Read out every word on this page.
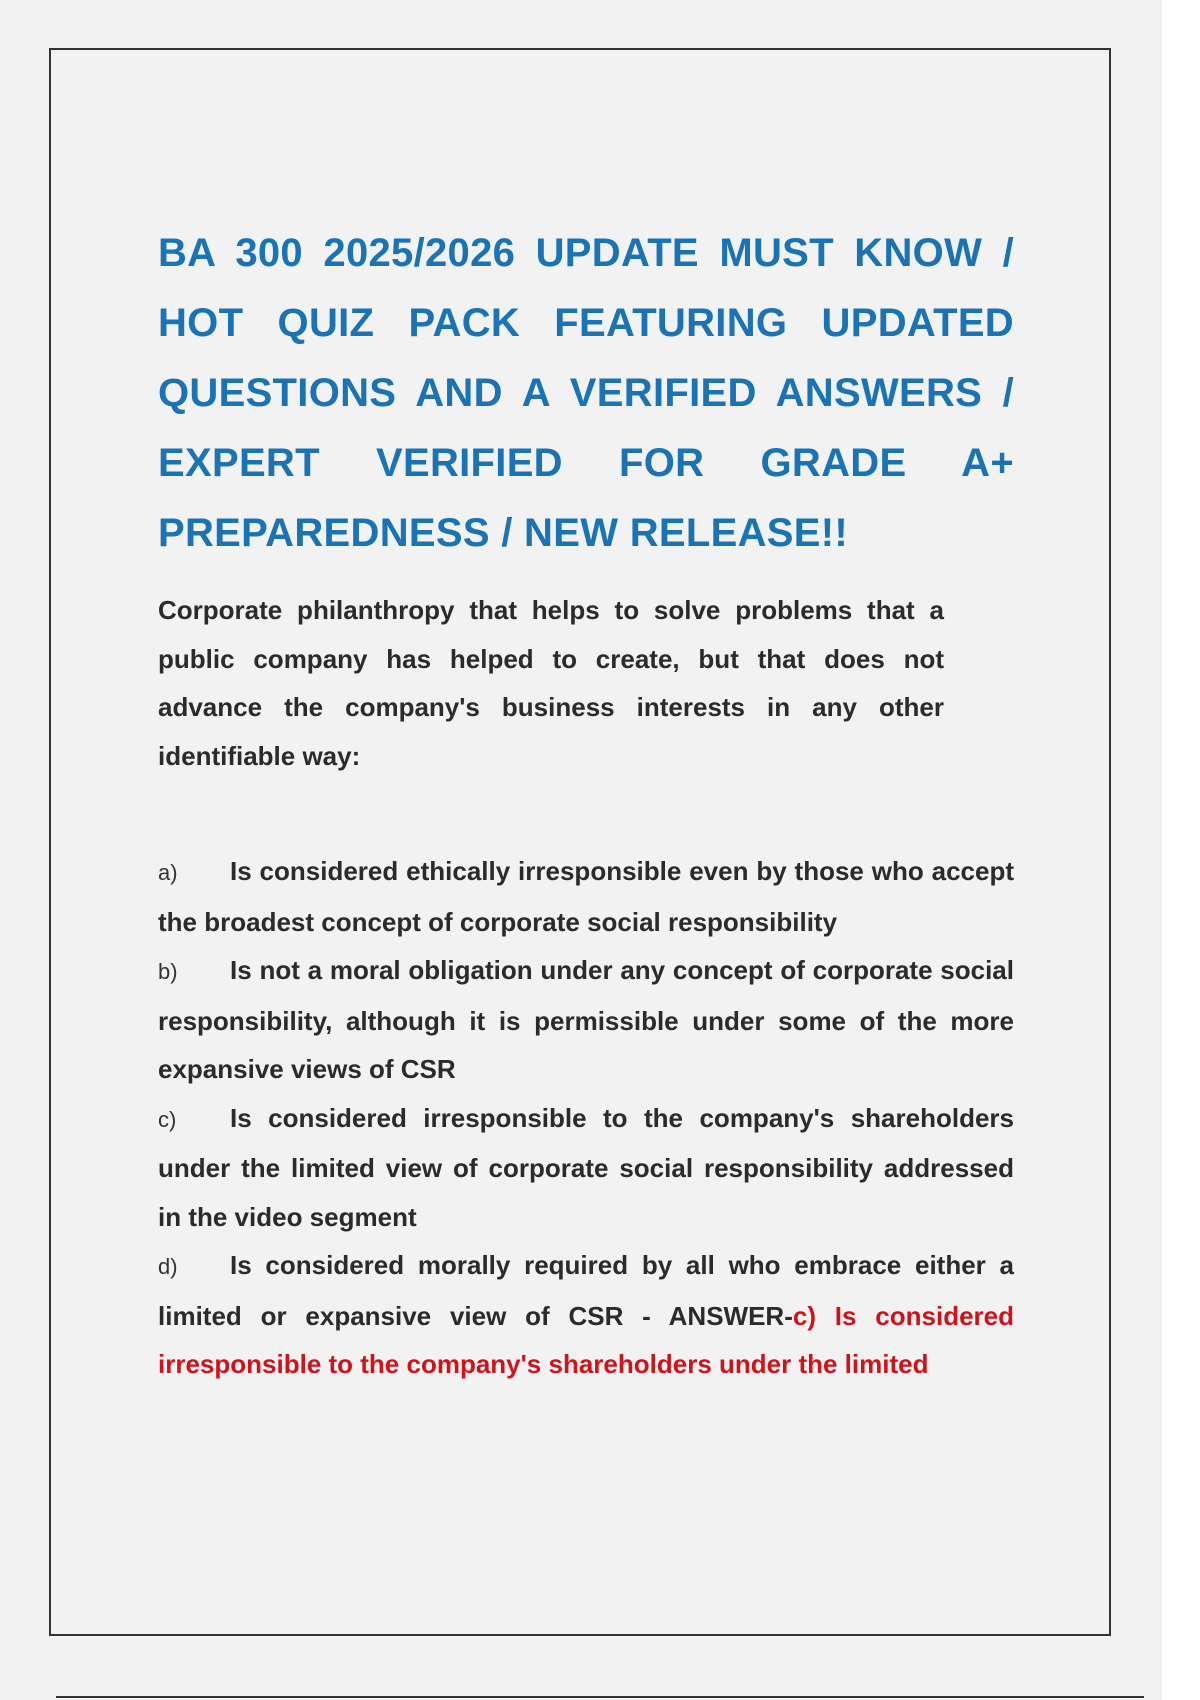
BA 300 2025/2026 UPDATE MUST KNOW / HOT QUIZ PACK FEATURING UPDATED QUESTIONS AND A VERIFIED ANSWERS / EXPERT VERIFIED FOR GRADE A+ PREPAREDNESS / NEW RELEASE!!

Corporate philanthropy that helps to solve problems that a public company has helped to create, but that does not advance the company's business interests in any other identifiable way:

a) Is considered ethically irresponsible even by those who accept the broadest concept of corporate social responsibility

b) Is not a moral obligation under any concept of corporate social responsibility, although it is permissible under some of the more expansive views of CSR

c) Is considered irresponsible to the company's shareholders under the limited view of corporate social responsibility addressed in the video segment

d) Is considered morally required by all who embrace either a limited or expansive view of CSR - ANSWER-c) Is considered irresponsible to the company's shareholders under the limited
